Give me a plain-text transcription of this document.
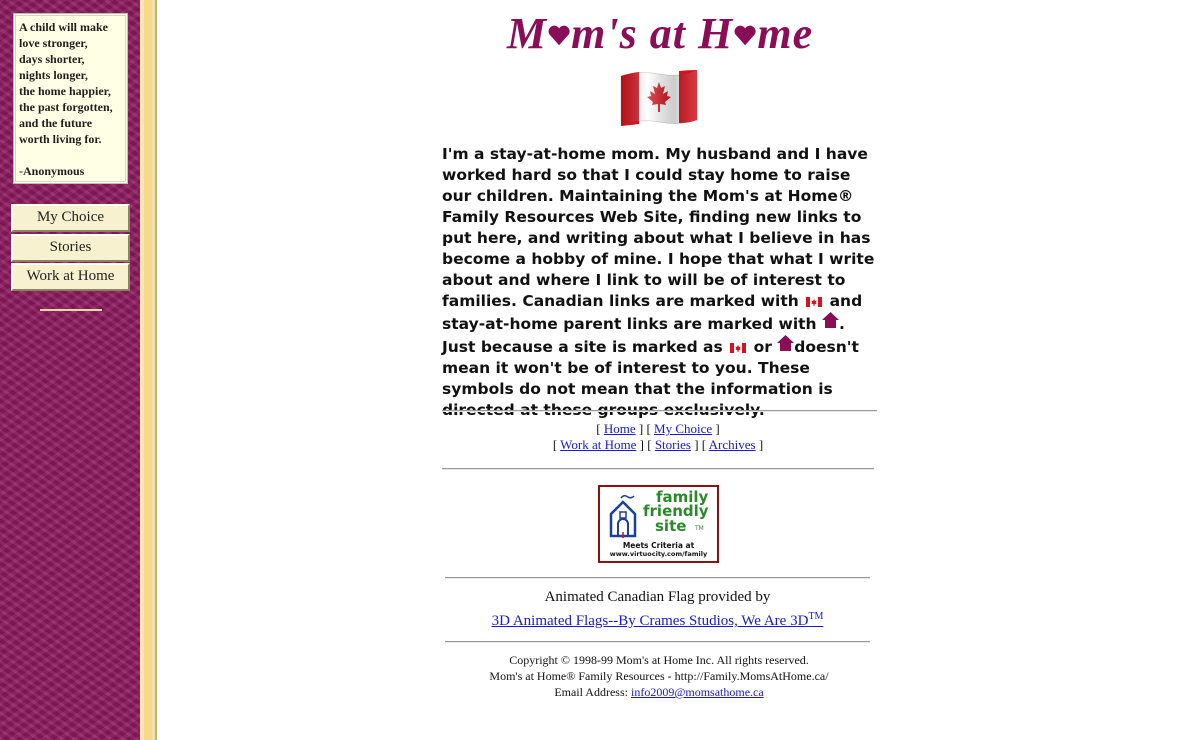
A child will make
love stronger,
days shorter,
nights longer,
the home happier,
the past forgotten,
and the future
worth living for.
-Anonymous
My Choice
Stories
Work at Home
M m's at H me
I'm a stay-at-home mom. My husband and I have worked hard so that I could stay home to raise our children. Maintaining the Mom's at Home® Family Resources Web Site, finding new links to put here, and writing about what I believe in has become a hobby of mine. I hope that what I write about and where I link to will be of interest to families. Canadian links are marked with and stay-at-home parent links are marked with . Just because a site is marked as or doesn't mean it won't be of interest to you. These symbols do not mean that the information is directed at these groups exclusively.
[ Home ] [ My Choice ]
[ Work at Home ] [ Stories ] [ Archives ]
family
friendly
site TM
Meets Criteria at
www.virtuocity.com/family
Animated Canadian Flag provided by
3D Animated Flags--By Crames Studios, We Are 3D™
Copyright © 1998-99 Mom's at Home Inc. All rights reserved.
Mom's at Home® Family Resources - http://Family.MomsAtHome.ca/
Email Address: info2009@momsathome.ca
